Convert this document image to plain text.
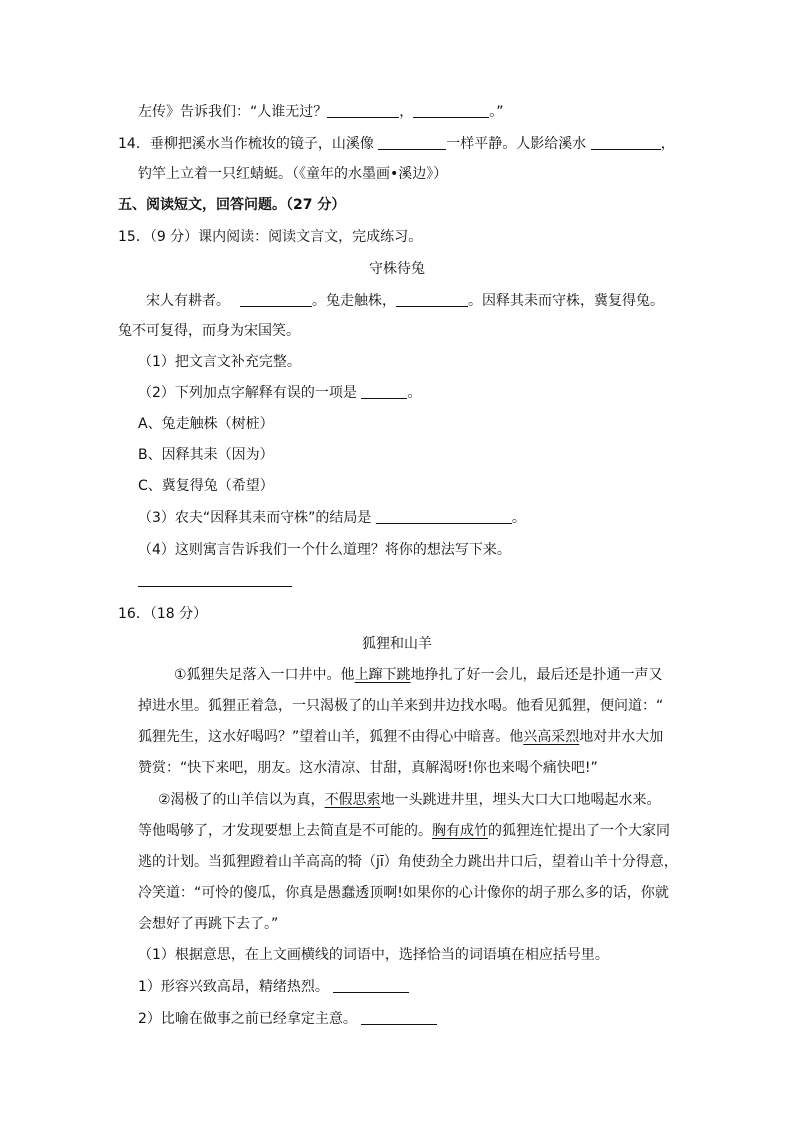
左传》告诉我们：“人谁无过？	，	。”
14．垂柳把溪水当作梳妆的镜子，山溪像	一样平静。人影给溪水	，
钓竿上立着一只红蜻蜓。（《童年的水墨画•溪边》）
五、阅读短文，回答问题。（27 分）
15．（9 分）课内阅读：阅读文言文，完成练习。
守株待兔
宋人有耕者。	。兔走触株，	。因释其耒而守株，冀复得兔。
兔不可复得，而身为宋国笑。
（1）把文言文补充完整。
（2）下列加点字解释有误的一项是	。
A、兔走触株（树桩）
B、因释其耒（因为）
C、冀复得兔（希望）
（3）农夫“因释其耒而守株”的结局是	。
（4）这则寓言告诉我们一个什么道理？将你的想法写下来。
16．（18 分）
狐狸和山羊
①狐狸失足落入一口井中。他上蹿下跳地挣扎了好一会儿，最后还是扑通一声又
掉进水里。狐狸正着急，一只渴极了的山羊来到井边找水喝。他看见狐狸，便问道：“
狐狸先生，这水好喝吗？”望着山羊，狐狸不由得心中暗喜。他兴高采烈地对井水大加
赞赏：“快下来吧，朋友。这水清凉、甘甜，真解渴呀!你也来喝个痛快吧!”
②渴极了的山羊信以为真，不假思索地一头跳进井里，埋头大口大口地喝起水来。
等他喝够了，才发现要想上去简直是不可能的。胸有成竹的狐狸连忙提出了一个大家同
逃的计划。当狐狸蹬着山羊高高的犄（jī）角使劲全力跳出井口后，望着山羊十分得意，
冷笑道：“可怜的傻瓜，你真是愚蠢透顶啊!如果你的心计像你的胡子那么多的话，你就
会想好了再跳下去了。”
（1）根据意思，在上文画横线的词语中，选择恰当的词语填在相应括号里。
1）形容兴致高昂，精绪热烈。
2）比喻在做事之前已经拿定主意。
